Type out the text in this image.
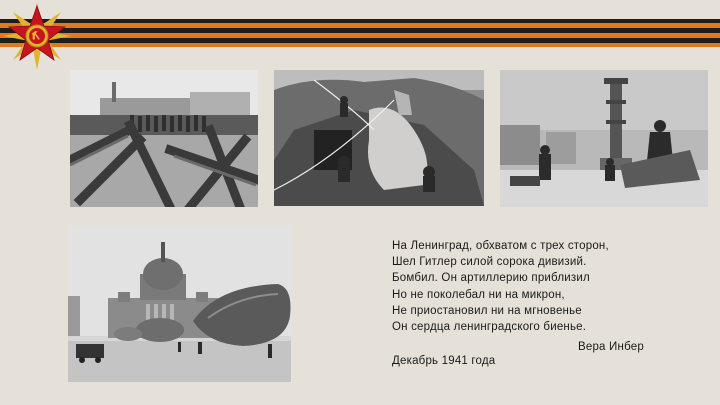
На Ленинград, обхватом с трех сторон,
Шел Гитлер силой сорока дивизий.
Бомбил. Он артиллерию приблизил
Но не поколебал ни на микрон,
Не приостановил ни на мгновенье
Он сердца ленинградского биенье.
Вера Инбер
Декабрь 1941 года
